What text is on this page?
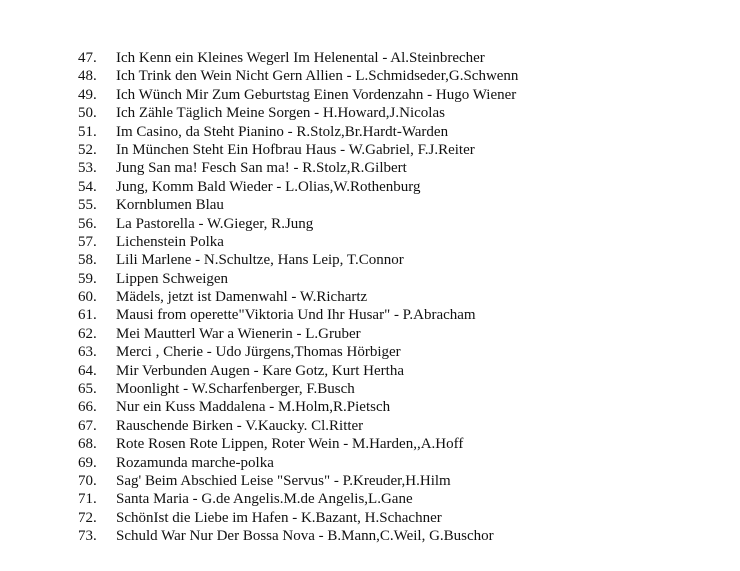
47.	Ich Kenn ein Kleines Wegerl Im Helenental - Al.Steinbrecher
48.	Ich Trink den Wein Nicht Gern Allien - L.Schmidseder,G.Schwenn
49.	Ich Wünch Mir Zum Geburtstag Einen Vordenzahn - Hugo Wiener
50.	Ich Zähle Täglich Meine Sorgen - H.Howard,J.Nicolas
51.	Im Casino, da Steht Pianino - R.Stolz,Br.Hardt-Warden
52.	In München Steht Ein Hofbrau Haus - W.Gabriel, F.J.Reiter
53.	Jung San ma! Fesch San ma! - R.Stolz,R.Gilbert
54.	Jung, Komm Bald Wieder - L.Olias,W.Rothenburg
55.	Kornblumen Blau
56.	La Pastorella - W.Gieger, R.Jung
57.	Lichenstein Polka
58.	Lili Marlene - N.Schultze, Hans Leip, T.Connor
59.	Lippen Schweigen
60.	Mädels, jetzt ist Damenwahl - W.Richartz
61.	Mausi from operette"Viktoria Und Ihr Husar" - P.Abracham
62.	Mei Mautterl War a Wienerin - L.Gruber
63.	Merci , Cherie - Udo Jürgens,Thomas Hörbiger
64.	Mir Verbunden Augen - Kare Gotz, Kurt Hertha
65.	Moonlight - W.Scharfenberger, F.Busch
66.	Nur ein Kuss Maddalena - M.Holm,R.Pietsch
67.	Rauschende Birken - V.Kaucky. Cl.Ritter
68.	Rote Rosen Rote Lippen, Roter Wein - M.Harden,,A.Hoff
69.	Rozamunda marche-polka
70.	Sag' Beim Abschied Leise "Servus" - P.Kreuder,H.Hilm
71.	Santa Maria - G.de Angelis.M.de Angelis,L.Gane
72.	SchönIst die Liebe im Hafen - K.Bazant, H.Schachner
73.	Schuld War Nur Der Bossa Nova - B.Mann,C.Weil, G.Buschor
